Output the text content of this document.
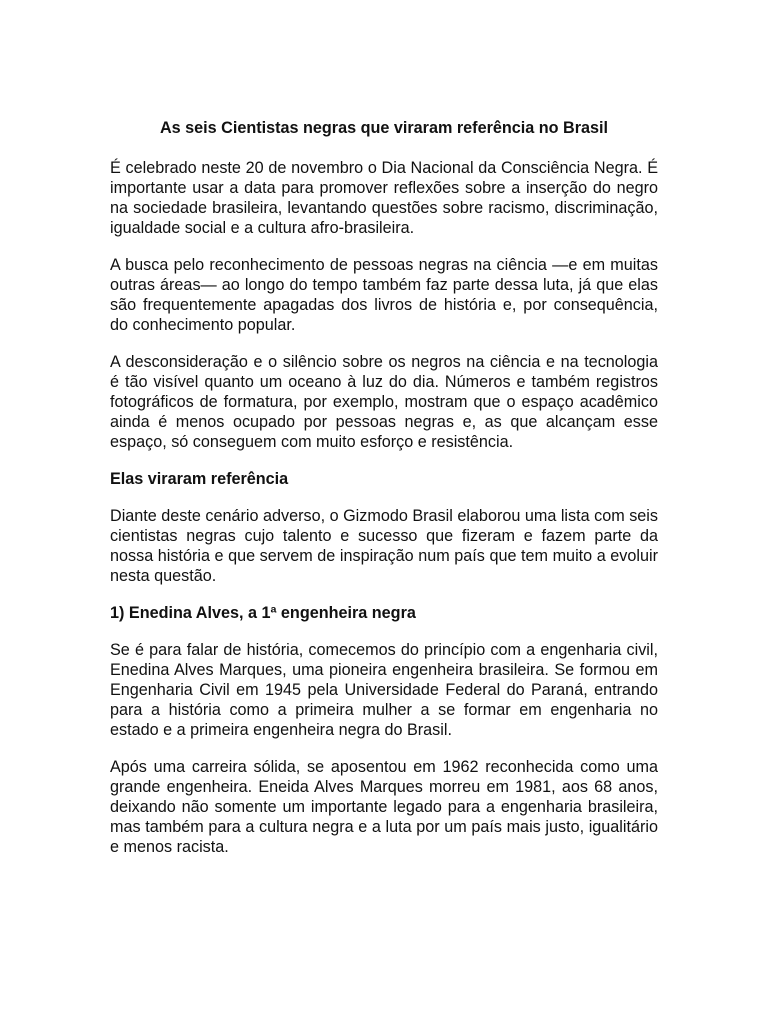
As seis Cientistas negras que viraram referência no Brasil

É celebrado neste 20 de novembro o Dia Nacional da Consciência Negra. É importante usar a data para promover reflexões sobre a inserção do negro na sociedade brasileira, levantando questões sobre racismo, discriminação, igualdade social e a cultura afro-brasileira.

A busca pelo reconhecimento de pessoas negras na ciência —e em muitas outras áreas— ao longo do tempo também faz parte dessa luta, já que elas são frequentemente apagadas dos livros de história e, por consequência, do conhecimento popular.

A desconsideração e o silêncio sobre os negros na ciência e na tecnologia é tão visível quanto um oceano à luz do dia. Números e também registros fotográficos de formatura, por exemplo, mostram que o espaço acadêmico ainda é menos ocupado por pessoas negras e, as que alcançam esse espaço, só conseguem com muito esforço e resistência.

Elas viraram referência

Diante deste cenário adverso, o Gizmodo Brasil elaborou uma lista com seis cientistas negras cujo talento e sucesso que fizeram e fazem parte da nossa história e que servem de inspiração num país que tem muito a evoluir nesta questão.

1) Enedina Alves, a 1ª engenheira negra

Se é para falar de história, comecemos do princípio com a engenharia civil, Enedina Alves Marques, uma pioneira engenheira brasileira. Se formou em Engenharia Civil em 1945 pela Universidade Federal do Paraná, entrando para a história como a primeira mulher a se formar em engenharia no estado e a primeira engenheira negra do Brasil.

Após uma carreira sólida, se aposentou em 1962 reconhecida como uma grande engenheira. Eneida Alves Marques morreu em 1981, aos 68 anos, deixando não somente um importante legado para a engenharia brasileira, mas também para a cultura negra e a luta por um país mais justo, igualitário e menos racista.
